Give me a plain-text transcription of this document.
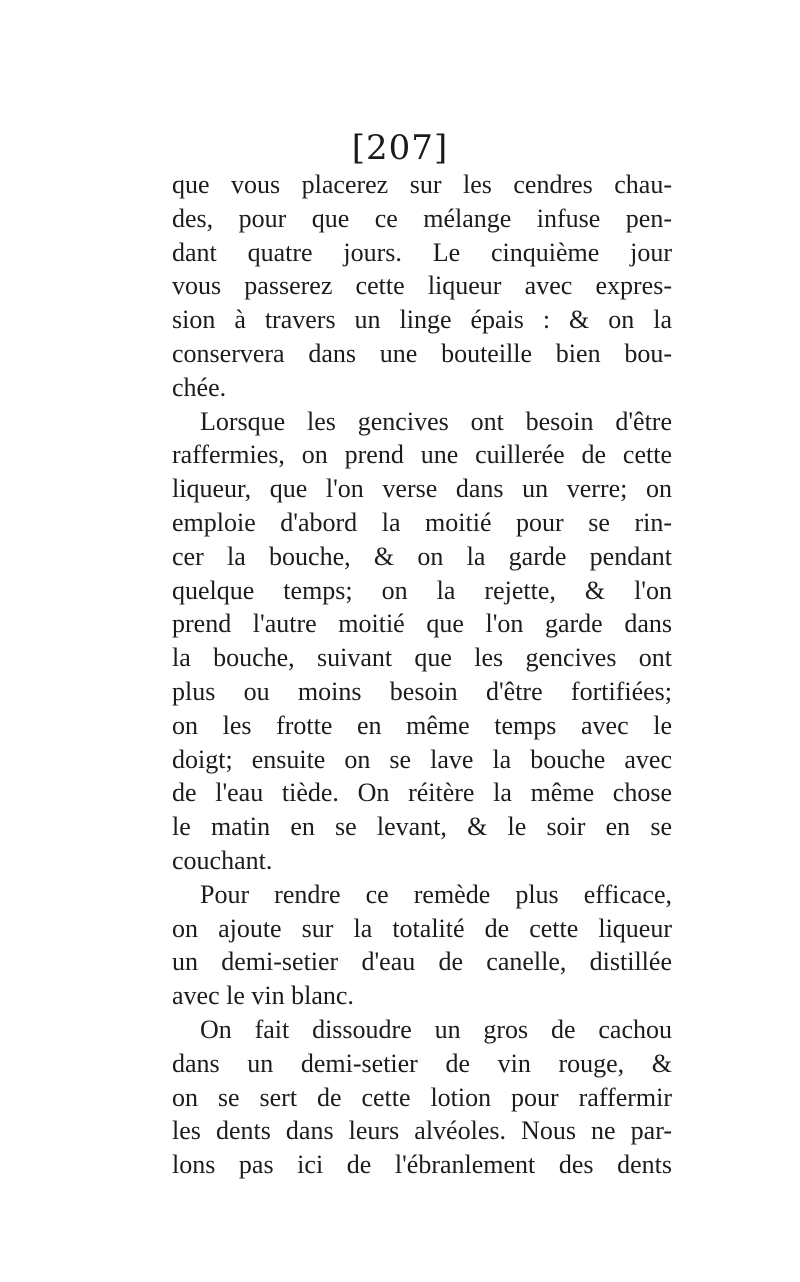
[207]
que vous placerez sur les cendres chau-
des, pour que ce mélange infuse pen-
dant quatre jours. Le cinquième jour
vous passerez cette liqueur avec expres-
sion à travers un linge épais : & on la
conservera dans une bouteille bien bou-
chée.
Lorsque les gencives ont besoin d'être
raffermies, on prend une cuillerée de cette
liqueur, que l'on verse dans un verre; on
emploie d'abord la moitié pour se rin-
cer la bouche, & on la garde pendant
quelque temps; on la rejette, & l'on
prend l'autre moitié que l'on garde dans
la bouche, suivant que les gencives ont
plus ou moins besoin d'être fortifiées;
on les frotte en même temps avec le
doigt; ensuite on se lave la bouche avec
de l'eau tiède. On réitère la même chose
le matin en se levant, & le soir en se
couchant.
Pour rendre ce remède plus efficace,
on ajoute sur la totalité de cette liqueur
un demi-setier d'eau de canelle, distillée
avec le vin blanc.
On fait dissoudre un gros de cachou
dans un demi-setier de vin rouge, &
on se sert de cette lotion pour raffermir
les dents dans leurs alvéoles. Nous ne par-
lons pas ici de l'ébranlement des dents
